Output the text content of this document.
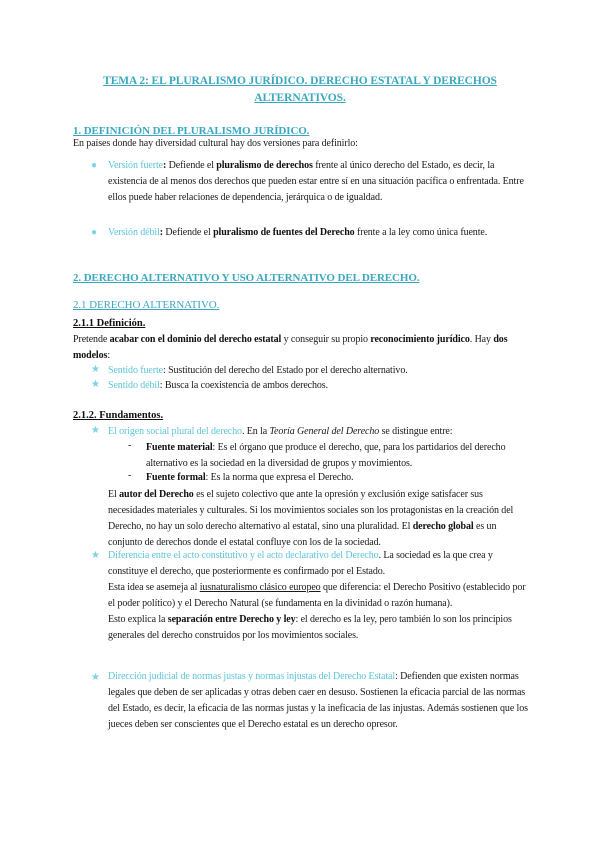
TEMA 2: EL PLURALISMO JURÍDICO. DERECHO ESTATAL Y DERECHOS ALTERNATIVOS.
1. DEFINICIÓN DEL PLURALISMO JURÍDICO.
En países donde hay diversidad cultural hay dos versiones para definirlo:
● Versión fuerte: Defiende el pluralismo de derechos frente al único derecho del Estado, es decir, la existencia de al menos dos derechos que pueden estar entre sí en una situación pacífica o enfrentada. Entre ellos puede haber relaciones de dependencia, jerárquica o de igualdad.
● Versión débil: Defiende el pluralismo de fuentes del Derecho frente a la ley como única fuente.
2. DERECHO ALTERNATIVO Y USO ALTERNATIVO DEL DERECHO.
2.1 DERECHO ALTERNATIVO.
2.1.1 Definición.
Pretende acabar con el dominio del derecho estatal y conseguir su propio reconocimiento jurídico. Hay dos modelos:
★ Sentido fuerte: Sustitución del derecho del Estado por el derecho alternativo.
★ Sentido débil: Busca la coexistencia de ambos derechos.
2.1.2. Fundamentos.
★ El origen social plural del derecho. En la Teoría General del Derecho se distingue entre:
- Fuente material: Es el órgano que produce el derecho, que, para los partidarios del derecho alternativo es la sociedad en la diversidad de grupos y movimientos.
- Fuente formal: Es la norma que expresa el Derecho.
El autor del Derecho es el sujeto colectivo que ante la opresión y exclusión exige satisfacer sus necesidades materiales y culturales. Si los movimientos sociales son los protagonistas en la creación del Derecho, no hay un solo derecho alternativo al estatal, sino una pluralidad. El derecho global es un conjunto de derechos donde el estatal confluye con los de la sociedad.
★ Diferencia entre el acto constitutivo y el acto declarativo del Derecho. La sociedad es la que crea y constituye el derecho, que posteriormente es confirmado por el Estado.
Esta idea se asemeja al iusnaturalismo clásico europeo que diferencia: el Derecho Positivo (establecido por el poder político) y el Derecho Natural (se fundamenta en la divinidad o razón humana).
Esto explica la separación entre Derecho y ley: el derecho es la ley, pero también lo son los principios generales del derecho construidos por los movimientos sociales.
★ Dirección judicial de normas justas y normas injustas del Derecho Estatal: Defienden que existen normas legales que deben de ser aplicadas y otras deben caer en desuso. Sostienen la eficacia parcial de las normas del Estado, es decir, la eficacia de las normas justas y la ineficacia de las injustas. Además sostienen que los jueces deben ser conscientes que el Derecho estatal es un derecho opresor.
